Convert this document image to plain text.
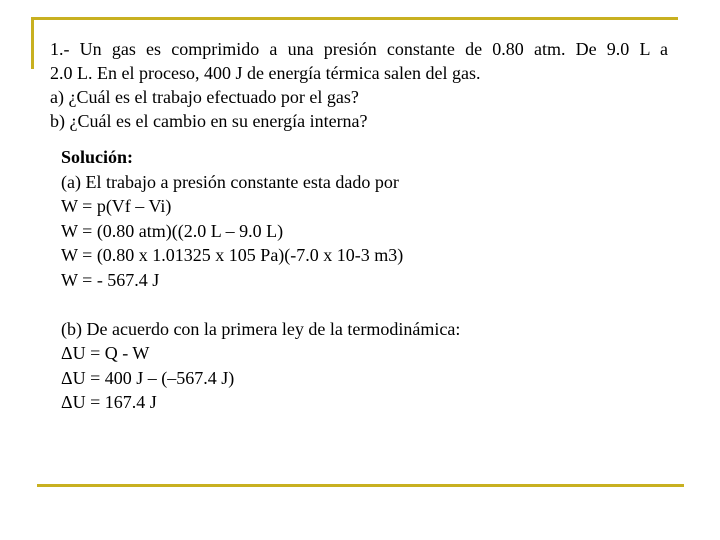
1.- Un gas es comprimido a una presión constante de 0.80 atm. De 9.0 L a
2.0 L. En el proceso, 400 J de energía térmica salen del gas.
a) ¿Cuál es el trabajo efectuado por el gas?
b) ¿Cuál es el cambio en su energía interna?
Solución:
(a) El trabajo a presión constante esta dado por
W = p(Vf – Vi)
W = (0.80 atm)((2.0 L – 9.0 L)
W = (0.80 x 1.01325 x 105 Pa)(-7.0 x 10-3 m3)
W = - 567.4 J
(b) De acuerdo con la primera ley de la termodinámica:
ΔU = Q - W
ΔU = 400 J – (–567.4 J)
ΔU = 167.4 J
